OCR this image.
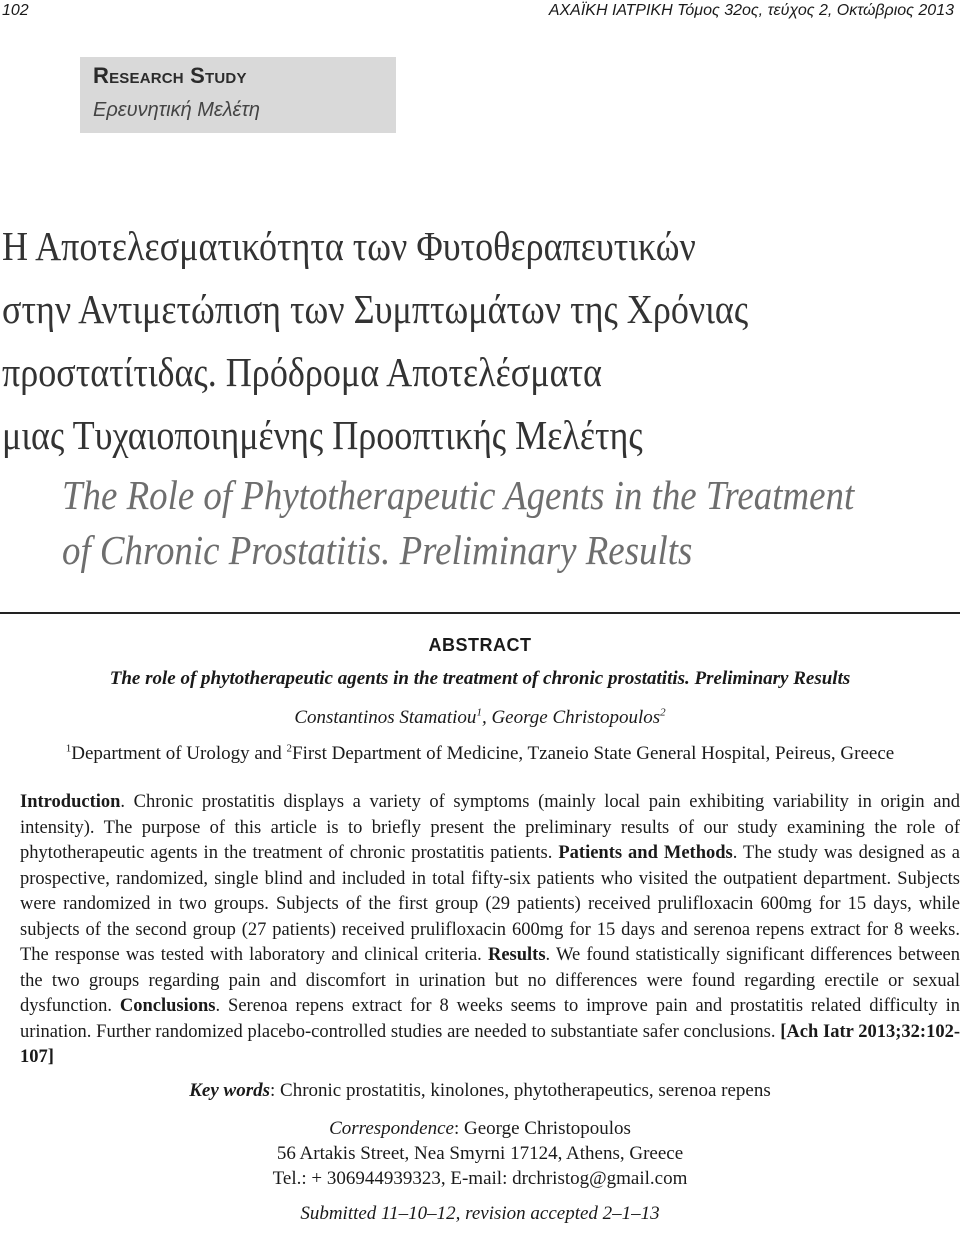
102	ΑΧΑΪΚΗ ΙΑΤΡΙΚΗ Τόμος 32ος, τεύχος 2, Οκτώβριος 2013
Research Study
Ερευνητική Μελέτη
Η Αποτελεσματικότητα των Φυτοθεραπευτικών
στην Αντιμετώπιση των Συμπτωμάτων της Χρόνιας
προστατίτιδας. Πρόδρομα Αποτελέσματα
μιας Τυχαιοποιημένης Προοπτικής Μελέτης
The Role of Phytotherapeutic Agents in the Treatment
of Chronic Prostatitis. Preliminary Results
ABSTRACT
The role of phytotherapeutic agents in the treatment of chronic prostatitis. Preliminary Results
Constantinos Stamatiou$^1$, George Christopoulos$^2$
$^1$Department of Urology and $^2$First Department of Medicine, Tzaneio State General Hospital, Peireus, Greece

Introduction. Chronic prostatitis displays a variety of symptoms (mainly local pain exhibiting variability in origin and intensity). The purpose of this article is to briefly present the preliminary results of our study examining the role of phytotherapeutic agents in the treatment of chronic prostatitis patients. Patients and Methods. The study was designed as a prospective, randomized, single blind and included in total fifty-six patients who visited the outpatient department. Subjects were randomized in two groups. Subjects of the first group (29 patients) received prulifloxacin 600mg for 15 days, while subjects of the second group (27 patients) received prulifloxacin 600mg for 15 days and serenoa repens extract for 8 weeks. The response was tested with laboratory and clinical criteria. Results. We found statistically significant differences between the two groups regarding pain and discomfort in urination but no differences were found regarding erectile or sexual dysfunction. Conclusions. Serenoa repens extract for 8 weeks seems to improve pain and prostatitis related difficulty in urination. Further randomized placebo-controlled studies are needed to substantiate safer conclusions. [Ach Iatr 2013;32:102-107]

Key words: Chronic prostatitis, kinolones, phytotherapeutics, serenoa repens
Correspondence: George Christopoulos
56 Artakis Street, Nea Smyrni 17124, Athens, Greece
Tel.: + 306944939323, E-mail: drchristog@gmail.com
Submitted 11–10–12, revision accepted 2–1–13
